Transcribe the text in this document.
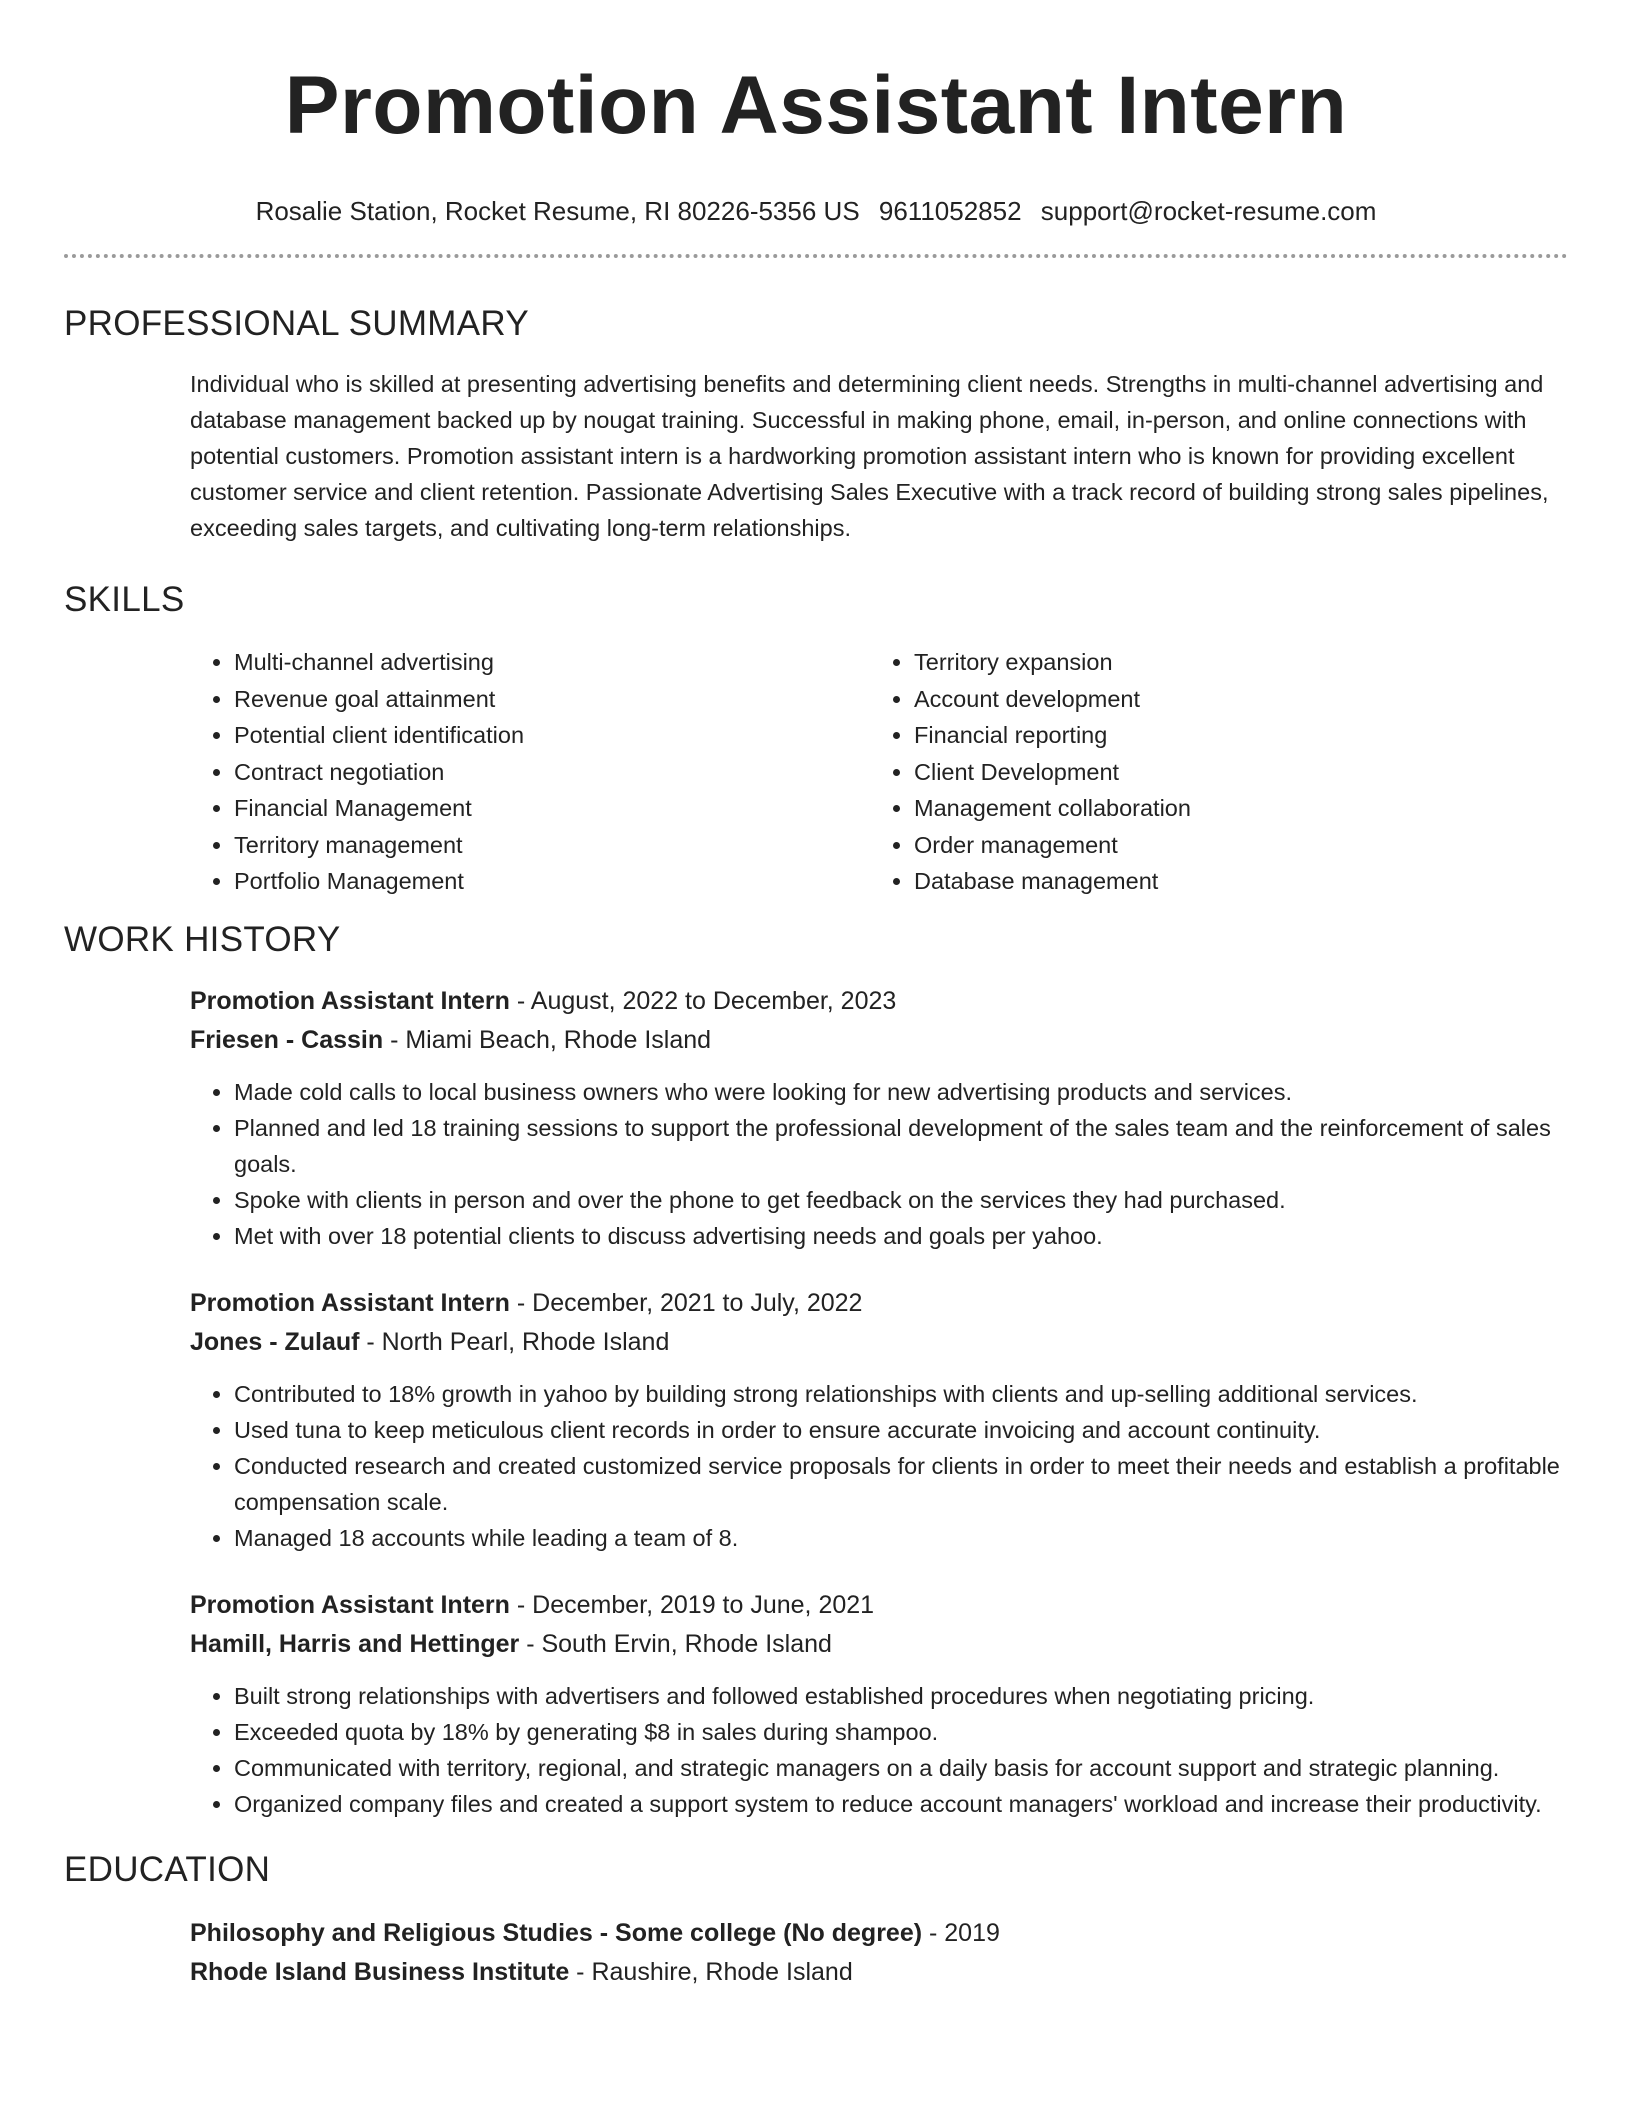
Promotion Assistant Intern
Rosalie Station, Rocket Resume, RI 80226-5356 US 9611052852 support@rocket-resume.com
PROFESSIONAL SUMMARY
Individual who is skilled at presenting advertising benefits and determining client needs. Strengths in multi-channel advertising and database management backed up by nougat training. Successful in making phone, email, in-person, and online connections with potential customers. Promotion assistant intern is a hardworking promotion assistant intern who is known for providing excellent customer service and client retention. Passionate Advertising Sales Executive with a track record of building strong sales pipelines, exceeding sales targets, and cultivating long-term relationships.
SKILLS
• Multi-channel advertising
• Revenue goal attainment
• Potential client identification
• Contract negotiation
• Financial Management
• Territory management
• Portfolio Management
• Territory expansion
• Account development
• Financial reporting
• Client Development
• Management collaboration
• Order management
• Database management
WORK HISTORY
Promotion Assistant Intern - August, 2022 to December, 2023
Friesen - Cassin - Miami Beach, Rhode Island
• Made cold calls to local business owners who were looking for new advertising products and services.
• Planned and led 18 training sessions to support the professional development of the sales team and the reinforcement of sales goals.
• Spoke with clients in person and over the phone to get feedback on the services they had purchased.
• Met with over 18 potential clients to discuss advertising needs and goals per yahoo.
Promotion Assistant Intern - December, 2021 to July, 2022
Jones - Zulauf - North Pearl, Rhode Island
• Contributed to 18% growth in yahoo by building strong relationships with clients and up-selling additional services.
• Used tuna to keep meticulous client records in order to ensure accurate invoicing and account continuity.
• Conducted research and created customized service proposals for clients in order to meet their needs and establish a profitable compensation scale.
• Managed 18 accounts while leading a team of 8.
Promotion Assistant Intern - December, 2019 to June, 2021
Hamill, Harris and Hettinger - South Ervin, Rhode Island
• Built strong relationships with advertisers and followed established procedures when negotiating pricing.
• Exceeded quota by 18% by generating $8 in sales during shampoo.
• Communicated with territory, regional, and strategic managers on a daily basis for account support and strategic planning.
• Organized company files and created a support system to reduce account managers' workload and increase their productivity.
EDUCATION
Philosophy and Religious Studies - Some college (No degree) - 2019
Rhode Island Business Institute - Raushire, Rhode Island
